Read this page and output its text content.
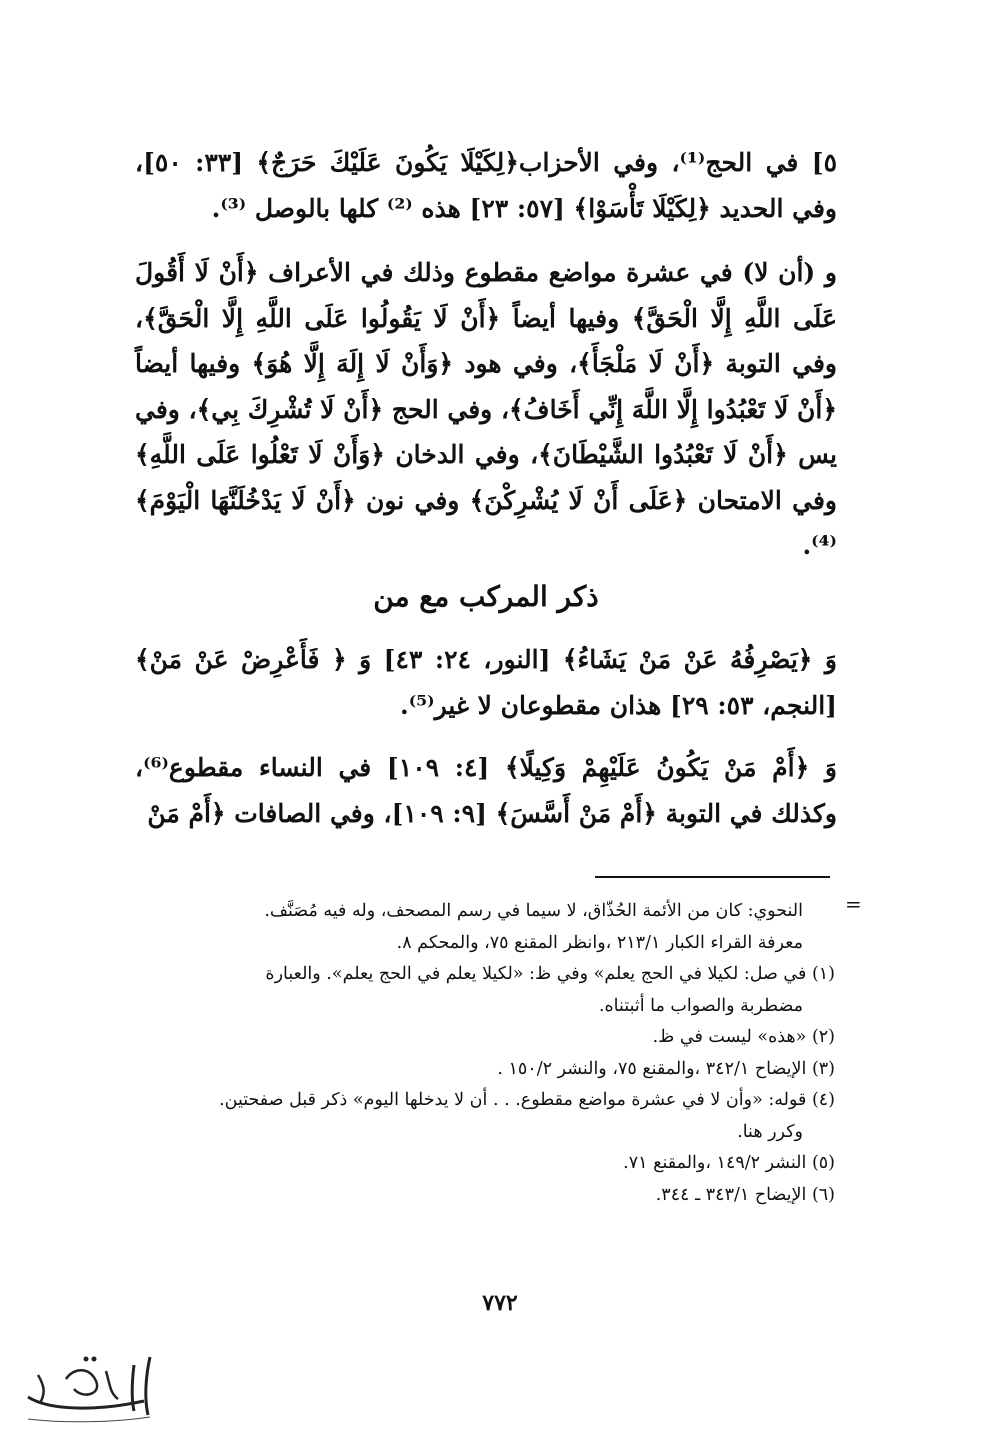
٥] في الحج⁽¹⁾، وفي الأحزاب﴿لِكَيْلَا يَكُونَ عَلَيْكَ حَرَجٌ﴾ [٣٣: ٥٠]، وفي الحديد ﴿لِكَيْلَا تَأْسَوْا﴾ [٥٧: ٢٣] هذه ⁽²⁾ كلها بالوصل ⁽³⁾.

و (أن لا) في عشرة مواضع مقطوع وذلك في الأعراف ﴿أَنْ لَا أَقُولَ عَلَى اللَّهِ إِلَّا الْحَقَّ﴾ وفيها أيضاً ﴿أَنْ لَا يَقُولُوا عَلَى اللَّهِ إِلَّا الْحَقَّ﴾، وفي التوبة ﴿أَنْ لَا مَلْجَأَ﴾، وفي هود ﴿وَأَنْ لَا إِلَهَ إِلَّا هُوَ﴾ وفيها أيضاً ﴿أَنْ لَا تَعْبُدُوا إِلَّا اللَّهَ إِنِّي أَخَافُ﴾، وفي الحج ﴿أَنْ لَا تُشْرِكَ بِي﴾، وفي يس ﴿أَنْ لَا تَعْبُدُوا الشَّيْطَانَ﴾، وفي الدخان ﴿وَأَنْ لَا تَعْلُوا عَلَى اللَّهِ﴾ وفي الامتحان ﴿عَلَى أَنْ لَا يُشْرِكْنَ﴾ وفي نون ﴿أَنْ لَا يَدْخُلَنَّهَا الْيَوْمَ﴾⁽⁴⁾.

ذكر المركب مع من

وَ ﴿يَصْرِفُهُ عَنْ مَنْ يَشَاءُ﴾ [النور، ٢٤: ٤٣] وَ ﴿ فَأَعْرِضْ عَنْ مَنْ﴾ [النجم، ٥٣: ٢٩] هذان مقطوعان لا غير⁽⁵⁾.

وَ ﴿أَمْ مَنْ يَكُونُ عَلَيْهِمْ وَكِيلًا﴾ [٤: ١٠٩] في النساء مقطوع⁽⁶⁾، وكذلك في التوبة ﴿أَمْ مَنْ أَسَّسَ﴾ [٩: ١٠٩]، وفي الصافات ﴿أَمْ مَنْ

=

النحوي: كان من الأئمة الحُذّاق، لا سيما في رسم المصحف، وله فيه مُصَنَّف.

معرفة القراء الكبار ٢١٣/١ ،وانظر المقنع ٧٥، والمحكم ٨.

(١) في صل: لكيلا في الحج يعلم» وفي ظ: «لكيلا يعلم في الحج يعلم». والعبارة

مضطربة والصواب ما أثبتناه.

(٢) «هذه» ليست في ظ.

(٣) الإيضاح ٣٤٢/١ ،والمقنع ٧٥، والنشر ١٥٠/٢ .

(٤) قوله: «وأن لا في عشرة مواضع مقطوع. . . أن لا يدخلها اليوم» ذكر قبل صفحتين.

وكرر هنا.

(٥) النشر ١٤٩/٢ ،والمقنع ٧١.

(٦) الإيضاح ٣٤٣/١ ـ ٣٤٤.

٧٧٢
